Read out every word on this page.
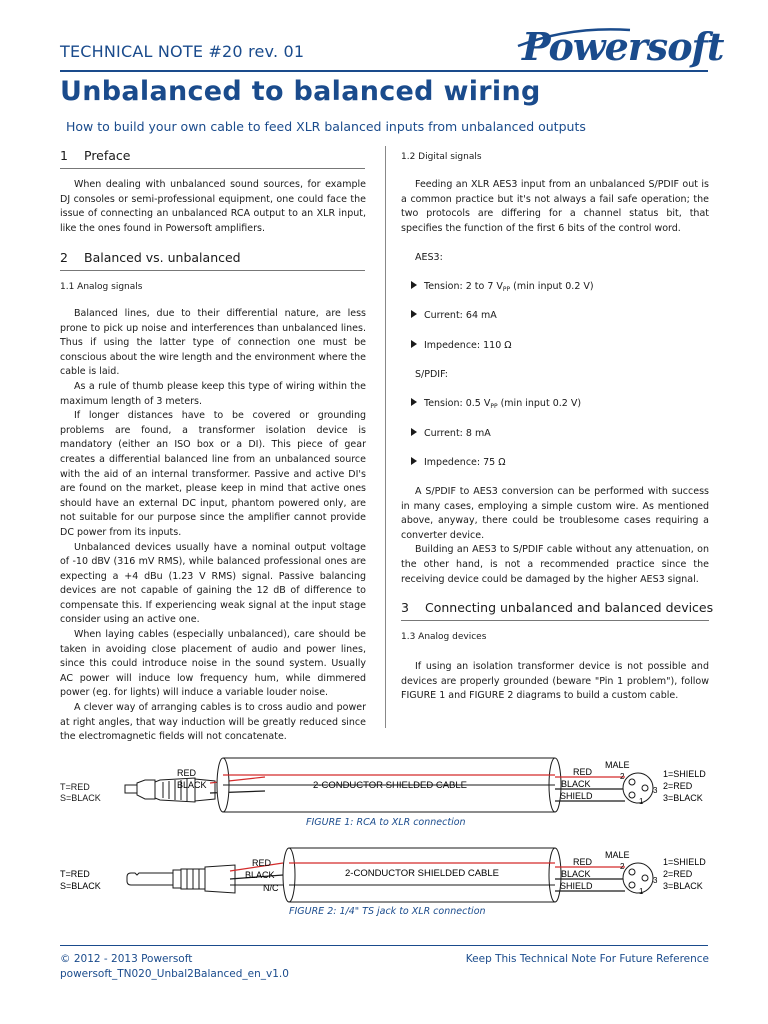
TECHNICAL NOTE #20 rev. 01	Powersoft
Unbalanced to balanced wiring
How to build your own cable to feed XLR balanced inputs from unbalanced outputs
1 Preface

When dealing with unbalanced sound sources, for example DJ consoles or semi-professional equipment, one could face the issue of connecting an unbalanced RCA output to an XLR input, like the ones found in Powersoft amplifiers.

2 Balanced vs. unbalanced
1.1 Analog signals

Balanced lines, due to their differential nature, are less prone to pick up noise and interferences than unbalanced lines. Thus if using the latter type of connection one must be conscious about the wire length and the environment where the cable is laid.

As a rule of thumb please keep this type of wiring within the maximum length of 3 meters.

If longer distances have to be covered or grounding problems are found, a transformer isolation device is mandatory (either an ISO box or a DI). This piece of gear creates a differential balanced line from an unbalanced source with the aid of an internal transformer. Passive and active DI's are found on the market, please keep in mind that active ones should have an external DC input, phantom powered only, are not suitable for our purpose since the amplifier cannot provide DC power from its inputs.

Unbalanced devices usually have a nominal output voltage of -10 dBV (316 mV RMS), while balanced professional ones are expecting a +4 dBu (1.23 V RMS) signal. Passive balancing devices are not capable of gaining the 12 dB of difference to compensate this. If experiencing weak signal at the input stage consider using an active one.

When laying cables (especially unbalanced), care should be taken in avoiding close placement of audio and power lines, since this could introduce noise in the sound system. Usually AC power will induce low frequency hum, while dimmered power (eg. for lights) will induce a variable louder noise.

A clever way of arranging cables is to cross audio and power at right angles, that way induction will be greatly reduced since the electromagnetic fields will not concatenate.

1.2 Digital signals

Feeding an XLR AES3 input from an unbalanced S/PDIF out is a common practice but it's not always a fail safe operation; the two protocols are differing for a channel status bit, that specifies the function of the first 6 bits of the control word.

AES3:
Tension: 2 to 7 $V_{PP}$ (min input 0.2 V)
Current: 64 mA
Impedence: 110 Ω
S/PDIF:
Tension: 0.5 $V_{PP}$ (min input 0.2 V)
Current: 8 mA
Impedence: 75 Ω

A S/PDIF to AES3 conversion can be performed with success in many cases, employing a simple custom wire. As mentioned above, anyway, there could be troublesome cases requiring a converter device.

Building an AES3 to S/PDIF cable without any attenuation, on the other hand, is not a recommended practice since the receiving device could be damaged by the higher AES3 signal.

3 Connecting unbalanced and balanced devices
1.3 Analog devices

If using an isolation transformer device is not possible and devices are properly grounded (beware "Pin 1 problem"), follow FIGURE 1 and FIGURE 2 diagrams to build a custom cable.

T=RED
S=BLACK
RED
BLACK	2-CONDUCTOR SHIELDED CABLE
RED
BLACK
SHIELD
MALE
2
3
1
1=SHIELD
2=RED
3=BLACK
FIGURE 1: RCA to XLR connection
T=RED
S=BLACK
RED
BLACK
N/C
2-CONDUCTOR SHIELDED CABLE
RED
BLACK
SHIELD
MALE
2
3
1
1=SHIELD
2=RED
3=BLACK
FIGURE 2: 1/4" TS jack to XLR connection
© 2012 - 2013 Powersoft
powersoft_TN020_Unbal2Balanced_en_v1.0
Keep This Technical Note For Future Reference
